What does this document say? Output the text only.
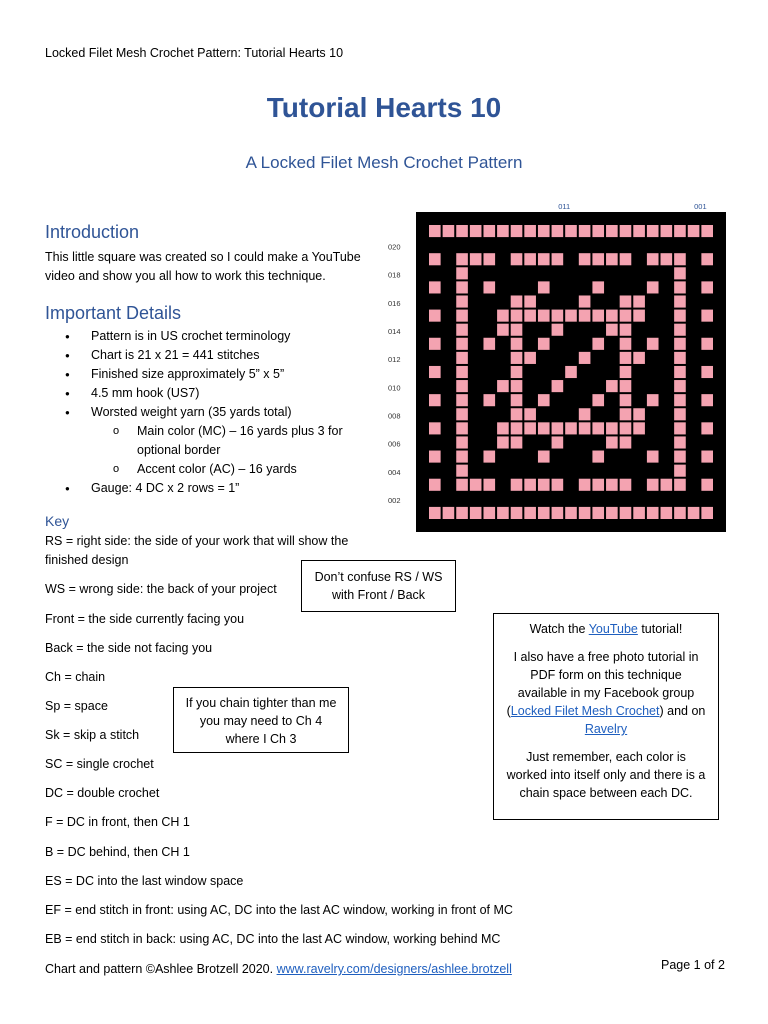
Locked Filet Mesh Crochet Pattern: Tutorial Hearts 10
Tutorial Hearts 10
A Locked Filet Mesh Crochet Pattern
Introduction
This little square was created so I could make a YouTube
video and show you all how to work this technique.
Important Details
● Pattern is in US crochet terminology
● Chart is 21 x 21 = 441 stitches
● Finished size approximately 5” x 5”
● 4.5 mm hook (US7)
● Worsted weight yarn (35 yards total)
o Main color (MC) – 16 yards plus 3 for
optional border
o Accent color (AC) – 16 yards
● Gauge: 4 DC x 2 rows = 1”
020
018
016
014
012
010
008
006
004
002
011	001
Key
RS = right side: the side of your work that will show the
finished design
WS = wrong side: the back of your project
Front = the side currently facing you
Back = the side not facing you
Ch = chain
Sp = space
Sk = skip a stitch
SC = single crochet
DC = double crochet
F = DC in front, then CH 1
B = DC behind, then CH 1
ES = DC into the last window space
EF = end stitch in front: using AC, DC into the last AC window, working in front of MC
EB = end stitch in back: using AC, DC into the last AC window, working behind MC
Don’t confuse RS / WS
with Front / Back
If you chain tighter than me
you may need to Ch 4
where I Ch 3
Watch the YouTube tutorial!
I also have a free photo tutorial in
PDF form on this technique
available in my Facebook group
(Locked Filet Mesh Crochet) and on
Ravelry
Just remember, each color is
worked into itself only and there is a
chain space between each DC.
Chart and pattern ©Ashlee Brotzell 2020. www.ravelry.com/designers/ashlee.brotzell	Page 1 of 2
